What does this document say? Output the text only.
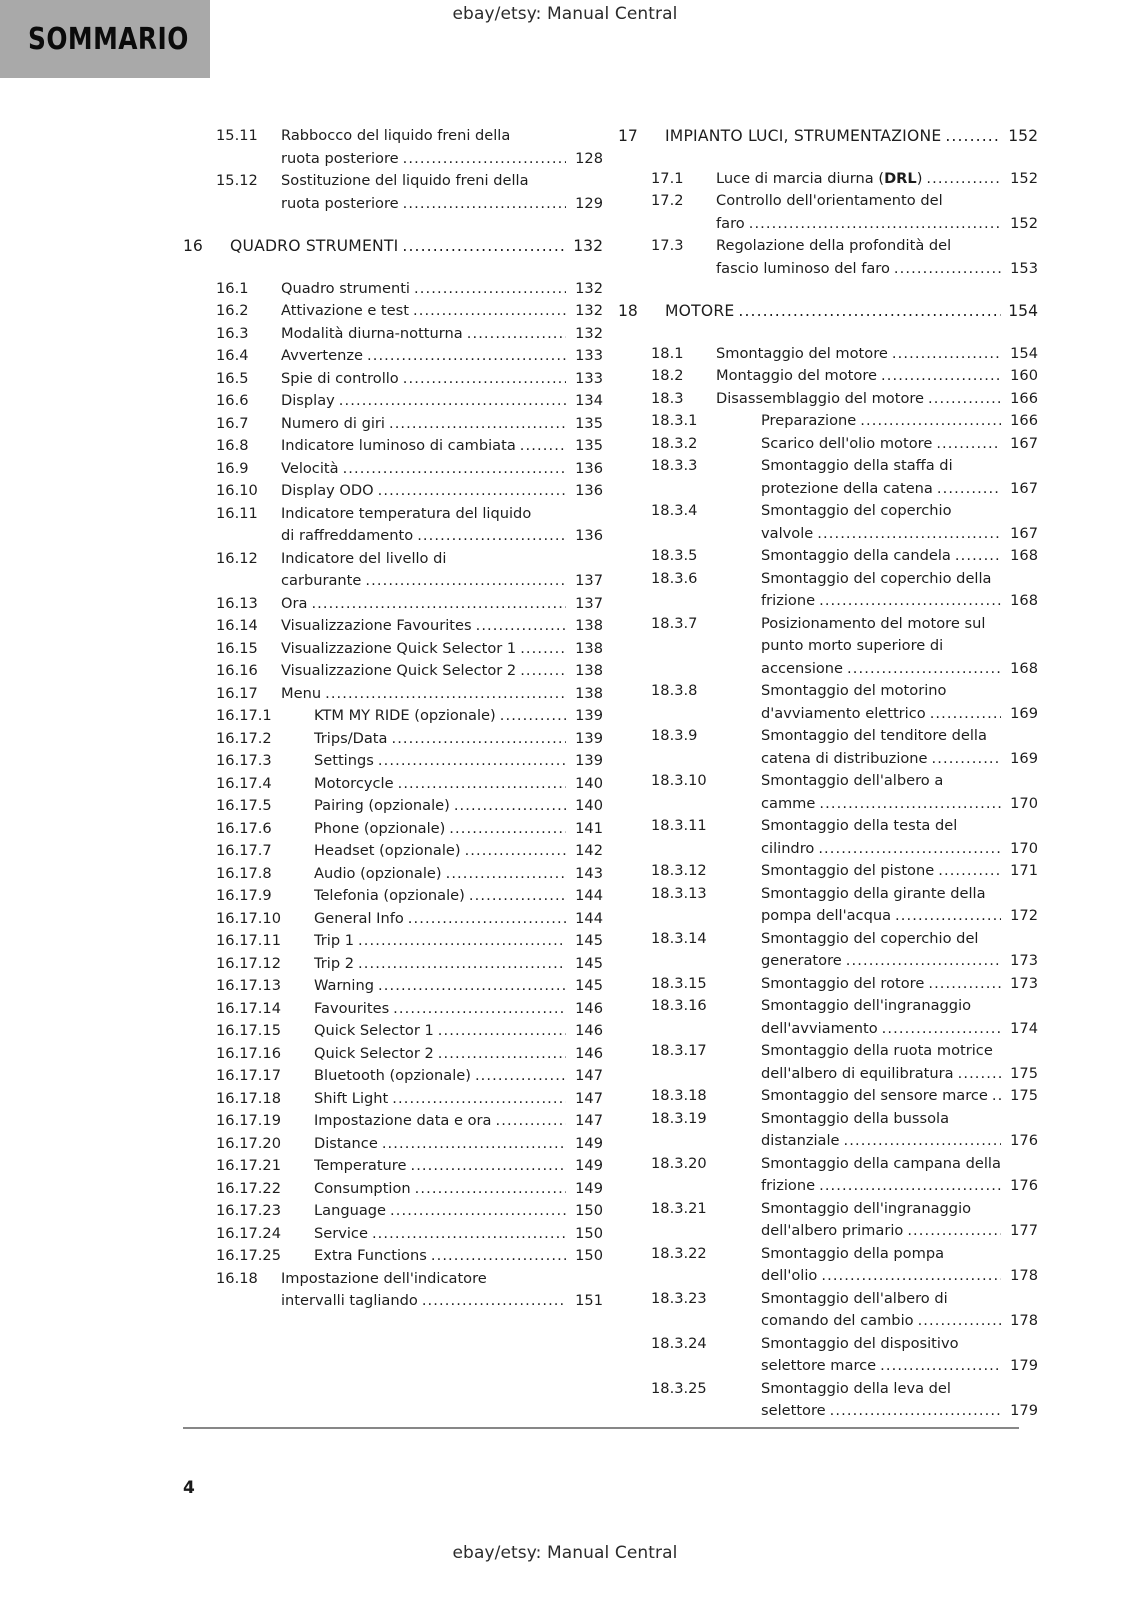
ebay/etsy: Manual Central
SOMMARIO
15.11	Rabbocco del liquido freni della
ruota posteriore .....	128
15.12	Sostituzione del liquido freni della
ruota posteriore .....	129
16	QUADRO STRUMENTI .....	132
16.1	Quadro strumenti .....	132
16.2	Attivazione e test .....	132
16.3	Modalità diurna-notturna .....	132
16.4	Avvertenze .....	133
16.5	Spie di controllo .....	133
16.6	Display .....	134
16.7	Numero di giri .....	135
16.8	Indicatore luminoso di cambiata .....	135
16.9	Velocità .....	136
16.10	Display ODO .....	136
16.11	Indicatore temperatura del liquido
di raffreddamento .....	136
16.12	Indicatore del livello di
carburante .....	137
16.13	Ora .....	137
16.14	Visualizzazione Favourites .....	138
16.15	Visualizzazione Quick Selector 1 .....	138
16.16	Visualizzazione Quick Selector 2 .....	138
16.17	Menu .....	138
16.17.1	KTM MY RIDE (opzionale) .....	139
16.17.2	Trips/Data .....	139
16.17.3	Settings .....	139
16.17.4	Motorcycle .....	140
16.17.5	Pairing (opzionale) .....	140
16.17.6	Phone (opzionale) .....	141
16.17.7	Headset (opzionale) .....	142
16.17.8	Audio (opzionale) .....	143
16.17.9	Telefonia (opzionale) .....	144
16.17.10	General Info .....	144
16.17.11	Trip 1 .....	145
16.17.12	Trip 2 .....	145
16.17.13	Warning .....	145
16.17.14	Favourites .....	146
16.17.15	Quick Selector 1 .....	146
16.17.16	Quick Selector 2 .....	146
16.17.17	Bluetooth (opzionale) .....	147
16.17.18	Shift Light .....	147
16.17.19	Impostazione data e ora .....	147
16.17.20	Distance .....	149
16.17.21	Temperature .....	149
16.17.22	Consumption .....	149
16.17.23	Language .....	150
16.17.24	Service .....	150
16.17.25	Extra Functions .....	150
16.18	Impostazione dell'indicatore
intervalli tagliando .....	151
17	IMPIANTO LUCI, STRUMENTAZIONE .....	152
17.1	Luce di marcia diurna (DRL) .....	152
17.2	Controllo dell'orientamento del
faro .....	152
17.3	Regolazione della profondità del
fascio luminoso del faro .....	153
18	MOTORE .....	154
18.1	Smontaggio del motore .....	154
18.2	Montaggio del motore .....	160
18.3	Disassemblaggio del motore .....	166
18.3.1	Preparazione .....	166
18.3.2	Scarico dell'olio motore .....	167
18.3.3	Smontaggio della staffa di
protezione della catena .....	167
18.3.4	Smontaggio del coperchio
valvole .....	167
18.3.5	Smontaggio della candela .....	168
18.3.6	Smontaggio del coperchio della
frizione .....	168
18.3.7	Posizionamento del motore sul
punto morto superiore di
accensione .....	168
18.3.8	Smontaggio del motorino
d'avviamento elettrico .....	169
18.3.9	Smontaggio del tenditore della
catena di distribuzione .....	169
18.3.10	Smontaggio dell'albero a
camme .....	170
18.3.11	Smontaggio della testa del
cilindro .....	170
18.3.12	Smontaggio del pistone .....	171
18.3.13	Smontaggio della girante della
pompa dell'acqua .....	172
18.3.14	Smontaggio del coperchio del
generatore .....	173
18.3.15	Smontaggio del rotore .....	173
18.3.16	Smontaggio dell'ingranaggio
dell'avviamento .....	174
18.3.17	Smontaggio della ruota motrice
dell'albero di equilibratura .....	175
18.3.18	Smontaggio del sensore marce ..... 175
18.3.19	Smontaggio della bussola
distanziale .....	176
18.3.20	Smontaggio della campana della
frizione .....	176
18.3.21	Smontaggio dell'ingranaggio
dell'albero primario .....	177
18.3.22	Smontaggio della pompa
dell'olio .....	178
18.3.23	Smontaggio dell'albero di
comando del cambio .....	178
18.3.24	Smontaggio del dispositivo
selettore marce .....	179
18.3.25	Smontaggio della leva del
selettore .....	179
4
ebay/etsy: Manual Central
